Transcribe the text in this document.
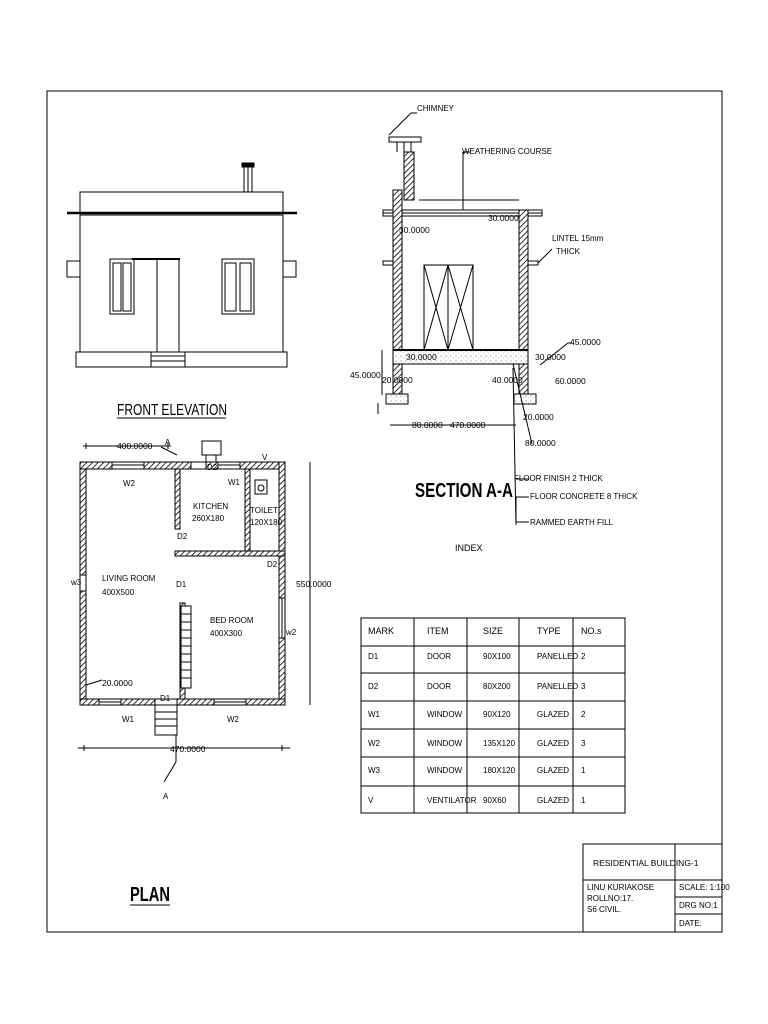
FRONT ELEVATION
CHIMNEY
WEATHERING COURSE
LINTEL 15mm
THICK
30.0000
30.0000
45.0000
30.0000	30.0000
45.0000 20.0000	40.0000	60.0000
20.0000
80.0000 470.0000
80.0000
FLOOR FINISH 2 THICK
FLOOR CONCRETE 8 THICK
RAMMED EARTH FILL
SECTION A-A
INDEX
400.0000 A
D2
V
W2	W1
KITCHEN
260X180
TOILET
120X180
D2
D2
LIVING ROOM
400X500
w3	D1
BED ROOM
400X300	w2
550.0000
20.0000
D1
W1	W2
470.0000
A
PLAN
MARK	ITEM	SIZE	TYPE NO.s
D1	DOOR	90X100	PANELLED 2
D2	DOOR	80X200	PANELLED 3
W1	WINDOW	90X120	GLAZED 2
W2	WINDOW	135X120	GLAZED 3
W3	WINDOW	180X120	GLAZED 1
V	VENTILATOR 90X60	GLAZED 1
RESIDENTIAL BUILDING-1
LINU KURIAKOSE
ROLLNO:17.
S6 CIVIL.
SCALE: 1:100
DRG NO:1
DATE:
